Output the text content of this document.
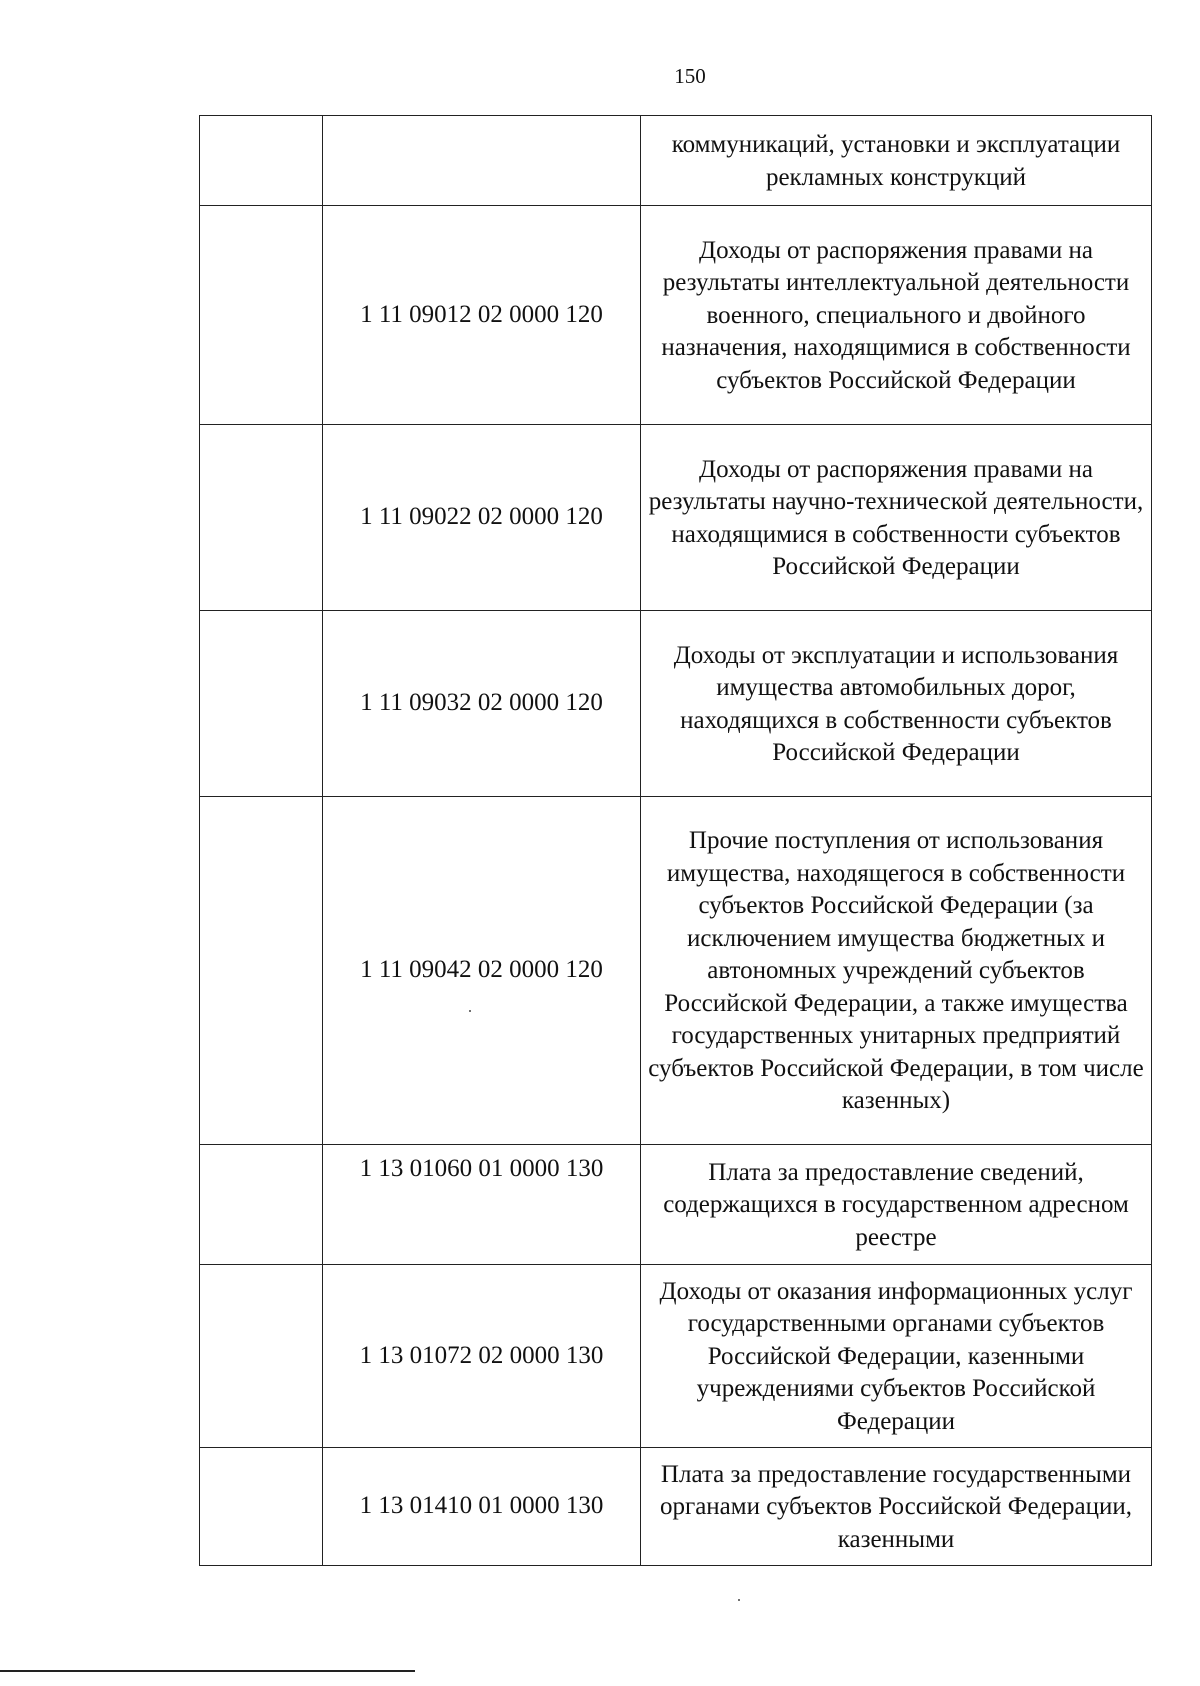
150

		коммуникаций, установки и эксплуатации рекламных конструкций

	1 11 09012 02 0000 120	Доходы от распоряжения правами на результаты интеллектуальной деятельности военного, специального и двойного назначения, находящимися в собственности субъектов Российской Федерации

	1 11 09022 02 0000 120	Доходы от распоряжения правами на результаты научно-технической деятельности, находящимися в собственности субъектов Российской Федерации

	1 11 09032 02 0000 120	Доходы от эксплуатации и использования имущества автомобильных дорог, находящихся в собственности субъектов Российской Федерации

	1 11 09042 02 0000 120	Прочие поступления от использования имущества, находящегося в собственности субъектов Российской Федерации (за исключением имущества бюджетных и автономных учреждений субъектов Российской Федерации, а также имущества государственных унитарных предприятий субъектов Российской Федерации, в том числе казенных)

	1 13 01060 01 0000 130	Плата за предоставление сведений, содержащихся в государственном адресном реестре

	1 13 01072 02 0000 130	Доходы от оказания информационных услуг государственными органами субъектов Российской Федерации, казенными учреждениями субъектов Российской Федерации

	1 13 01410 01 0000 130	Плата за предоставление государственными органами субъектов Российской Федерации, казенными
